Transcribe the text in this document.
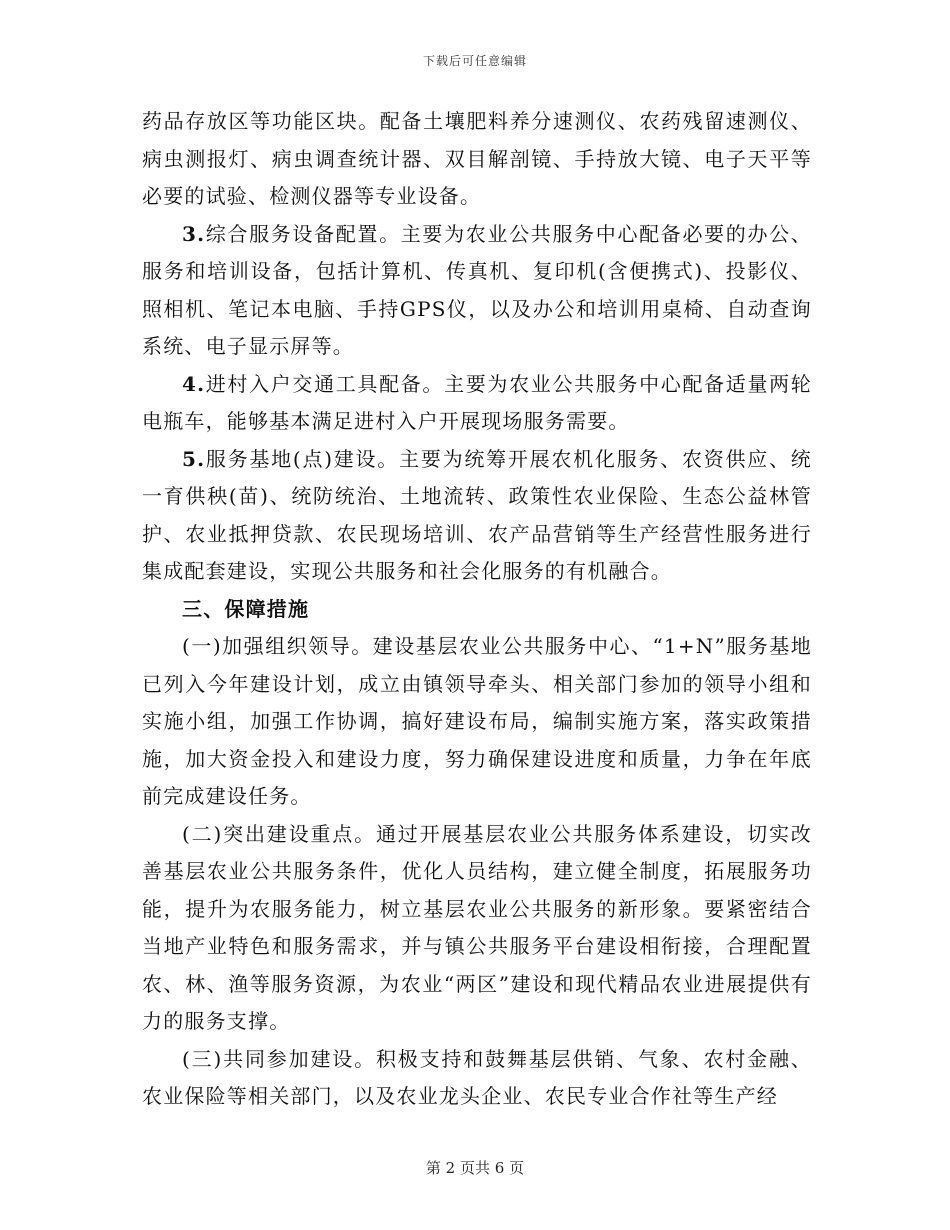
下载后可任意编辑

药品存放区等功能区块。配备土壤肥料养分速测仪、农药残留速测仪、病虫测报灯、病虫调查统计器、双目解剖镜、手持放大镜、电子天平等必要的试验、检测仪器等专业设备。

3.综合服务设备配置。主要为农业公共服务中心配备必要的办公、服务和培训设备，包括计算机、传真机、复印机(含便携式)、投影仪、照相机、笔记本电脑、手持GPS仪，以及办公和培训用桌椅、自动查询系统、电子显示屏等。

4.进村入户交通工具配备。主要为农业公共服务中心配备适量两轮电瓶车，能够基本满足进村入户开展现场服务需要。

5.服务基地(点)建设。主要为统筹开展农机化服务、农资供应、统一育供秧(苗)、统防统治、土地流转、政策性农业保险、生态公益林管护、农业抵押贷款、农民现场培训、农产品营销等生产经营性服务进行集成配套建设，实现公共服务和社会化服务的有机融合。

三、保障措施

(一)加强组织领导。建设基层农业公共服务中心、“1+N”服务基地已列入今年建设计划，成立由镇领导牵头、相关部门参加的领导小组和实施小组，加强工作协调，搞好建设布局，编制实施方案，落实政策措施，加大资金投入和建设力度，努力确保建设进度和质量，力争在年底前完成建设任务。

(二)突出建设重点。通过开展基层农业公共服务体系建设，切实改善基层农业公共服务条件，优化人员结构，建立健全制度，拓展服务功能，提升为农服务能力，树立基层农业公共服务的新形象。要紧密结合当地产业特色和服务需求，并与镇公共服务平台建设相衔接，合理配置农、林、渔等服务资源，为农业“两区”建设和现代精品农业进展提供有力的服务支撑。

(三)共同参加建设。积极支持和鼓舞基层供销、气象、农村金融、农业保险等相关部门，以及农业龙头企业、农民专业合作社等生产经

第 2 页共 6 页
